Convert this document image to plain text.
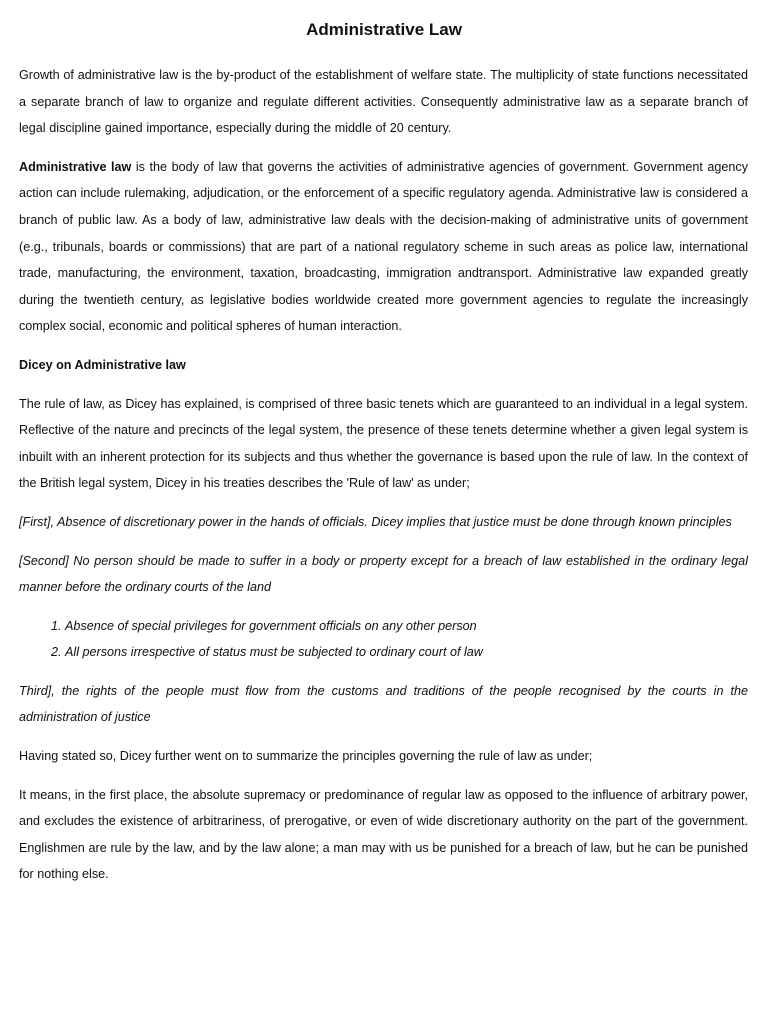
Administrative Law

Growth of administrative law is the by-product of the establishment of welfare state. The multiplicity of state functions necessitated a separate branch of law to organize and regulate different activities. Consequently administrative law as a separate branch of legal discipline gained importance, especially during the middle of 20 century.

Administrative law is the body of law that governs the activities of administrative agencies of government. Government agency action can include rulemaking, adjudication, or the enforcement of a specific regulatory agenda. Administrative law is considered a branch of public law. As a body of law, administrative law deals with the decision-making of administrative units of government (e.g., tribunals, boards or commissions) that are part of a national regulatory scheme in such areas as police law, international trade, manufacturing, the environment, taxation, broadcasting, immigration andtransport. Administrative law expanded greatly during the twentieth century, as legislative bodies worldwide created more government agencies to regulate the increasingly complex social, economic and political spheres of human interaction.

Dicey on Administrative law

The rule of law, as Dicey has explained, is comprised of three basic tenets which are guaranteed to an individual in a legal system. Reflective of the nature and precincts of the legal system, the presence of these tenets determine whether a given legal system is inbuilt with an inherent protection for its subjects and thus whether the governance is based upon the rule of law. In the context of the British legal system, Dicey in his treaties describes the 'Rule of law' as under;

[First], Absence of discretionary power in the hands of officials. Dicey implies that justice must be done through known principles

[Second] No person should be made to suffer in a body or property except for a breach of law established in the ordinary legal manner before the ordinary courts of the land

1. Absence of special privileges for government officials on any other person
2. All persons irrespective of status must be subjected to ordinary court of law

Third], the rights of the people must flow from the customs and traditions of the people recognised by the courts in the administration of justice

Having stated so, Dicey further went on to summarize the principles governing the rule of law as under;

It means, in the first place, the absolute supremacy or predominance of regular law as opposed to the influence of arbitrary power, and excludes the existence of arbitrariness, of prerogative, or even of wide discretionary authority on the part of the government. Englishmen are rule by the law, and by the law alone; a man may with us be punished for a breach of law, but he can be punished for nothing else.
